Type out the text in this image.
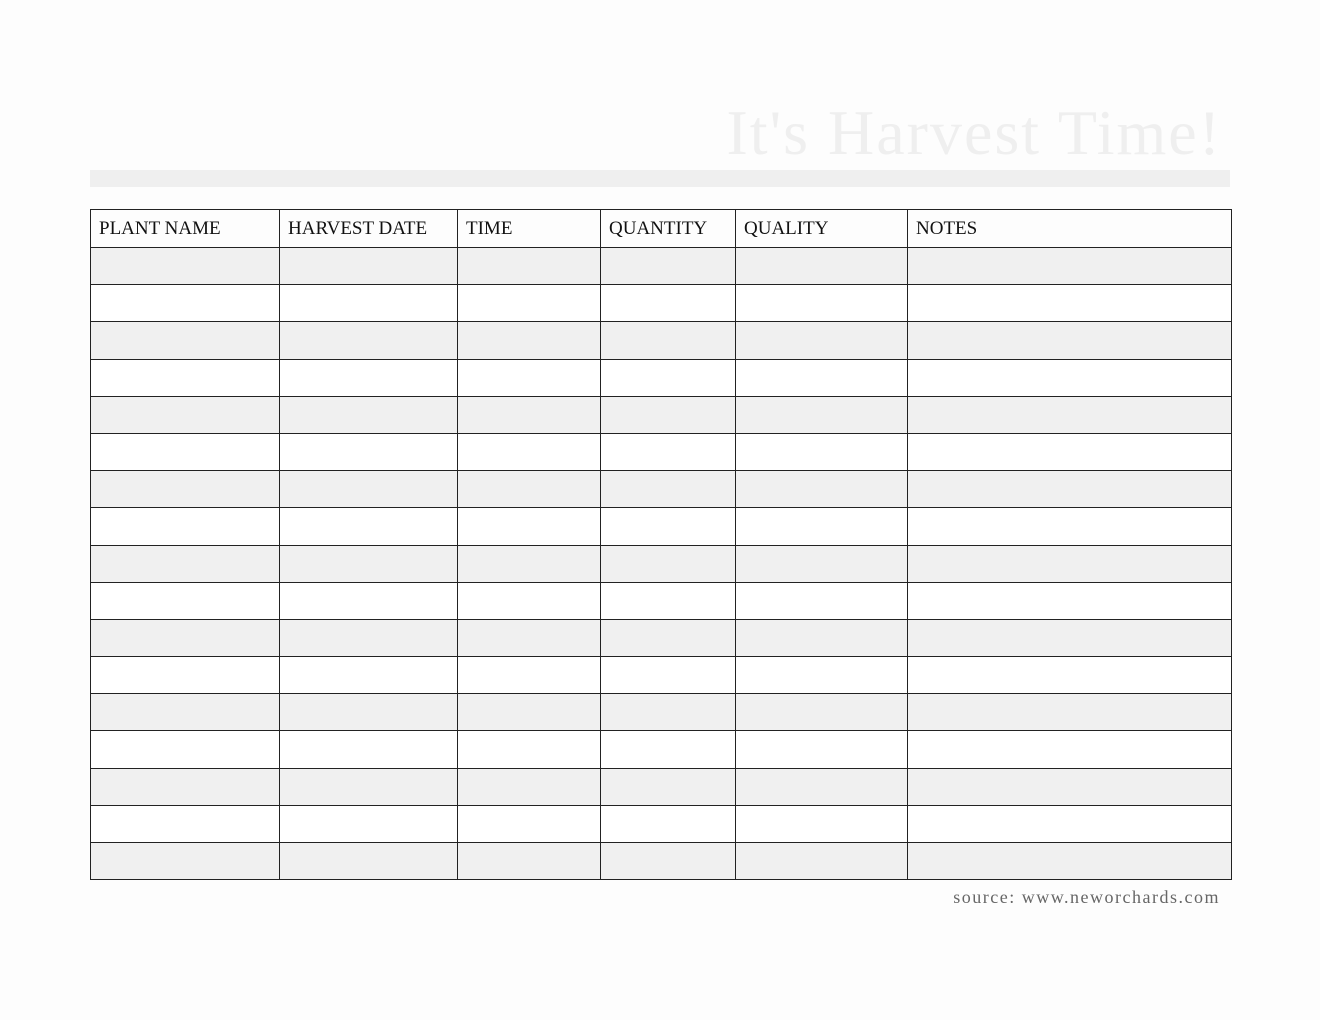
It's Harvest Time!
PLANT NAME	HARVEST DATE	TIME	QUANTITY	QUALITY	NOTES

source: www.neworchards.com
